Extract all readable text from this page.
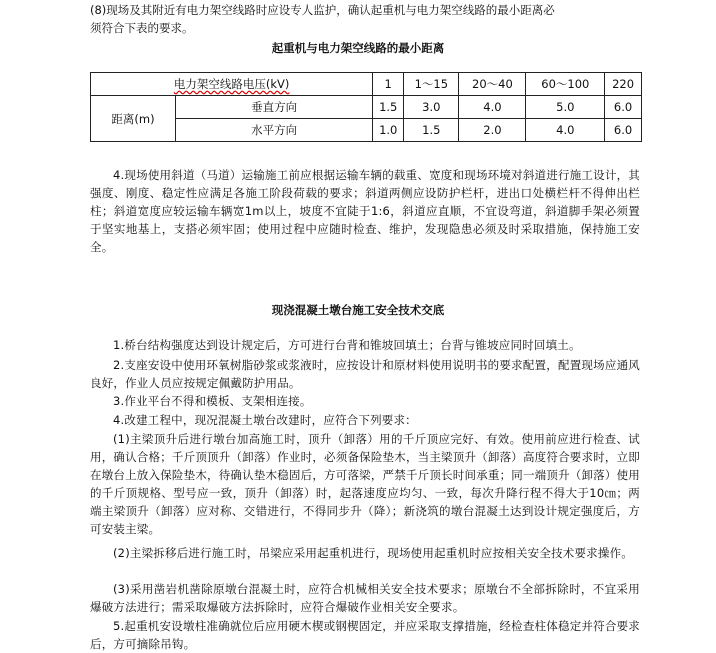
(8)现场及其附近有电力架空线路时应设专人监护，确认起重机与电力架空线路的最小距离必
须符合下表的要求。
起重机与电力架空线路的最小距离
电力架空线路电压(kV)		1	1～15	20～40	60～100	220
距离(m)	垂直方向	1.5	3.0	4.0	5.0	6.0
	水平方向	1.0	1.5	2.0	4.0	6.0
4.现场使用斜道（马道）运输施工前应根据运输车辆的载重、宽度和现场环境对斜道进行施工设计，其强度、刚度、稳定性应满足各施工阶段荷载的要求；斜道两侧应设防护栏杆，进出口处横栏杆不得伸出栏柱；斜道宽度应较运输车辆宽1m以上，坡度不宜陡于1:6，斜道应直顺，不宜设弯道，斜道脚手架必须置于坚实地基上，支搭必须牢固；使用过程中应随时检查、维护，发现隐患必须及时采取措施，保持施工安全。
现浇混凝土墩台施工安全技术交底
1.桥台结构强度达到设计规定后，方可进行台背和锥坡回填土；台背与锥坡应同时回填土。
2.支座安设中使用环氧树脂砂浆或浆液时，应按设计和原材料使用说明书的要求配置，配置现场应通风良好，作业人员应按规定佩戴防护用品。
3.作业平台不得和模板、支架相连接。
4.改建工程中，现况混凝土墩台改建时，应符合下列要求：
(1)主梁顶升后进行墩台加高施工时，顶升（卸落）用的千斤顶应完好、有效。使用前应进行检查、试用，确认合格；千斤顶顶升（卸落）作业时，必须备保险垫木，当主梁顶升（卸落）高度符合要求时，立即在墩台上放入保险垫木，待确认垫木稳固后，方可落梁，严禁千斤顶长时间承重；同一端顶升（卸落）使用的千斤顶规格、型号应一致，顶升（卸落）时，起落速度应均匀、一致，每次升降行程不得大于10㎝；两端主梁顶升（卸落）应对称、交错进行，不得同步升（降）；新浇筑的墩台混凝土达到设计规定强度后，方可安装主梁。
(2)主梁拆移后进行施工时，吊梁应采用起重机进行，现场使用起重机时应按相关安全技术要求操作。
(3)采用凿岩机凿除原墩台混凝土时，应符合机械相关安全技术要求；原墩台不全部拆除时，不宜采用爆破方法进行；需采取爆破方法拆除时，应符合爆破作业相关安全要求。
5.起重机安设墩柱准确就位后应用硬木楔或钢楔固定，并应采取支撑措施，经检查柱体稳定并符合要求后，方可摘除吊钩。
